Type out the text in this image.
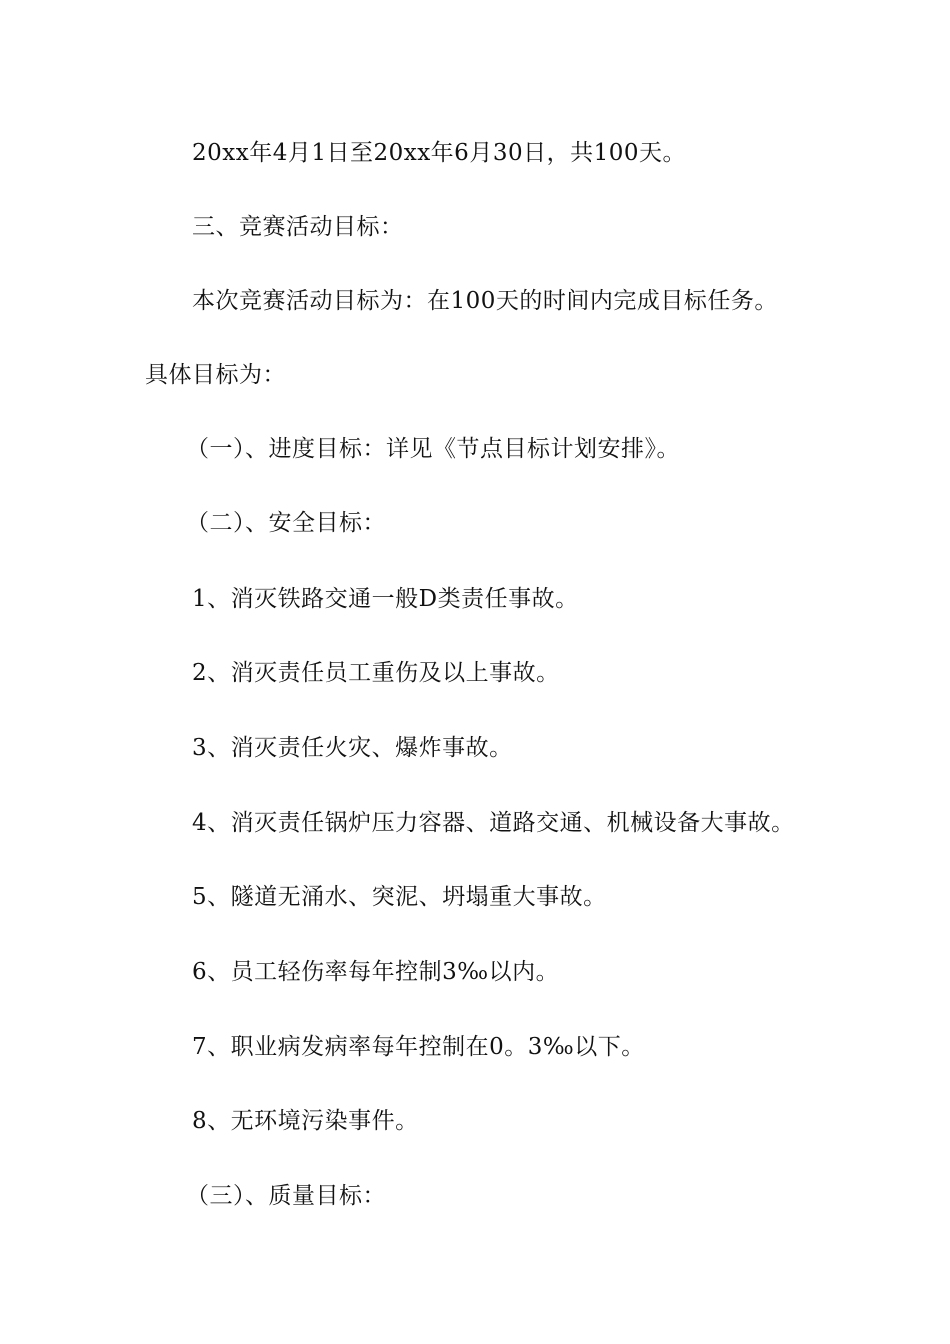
20xx年4月1日至20xx年6月30日，共100天。
三、竞赛活动目标：
本次竞赛活动目标为：在100天的时间内完成目标任务。
具体目标为：
（一）、进度目标：详见《节点目标计划安排》。
（二）、安全目标：
1、消灭铁路交通一般D类责任事故。
2、消灭责任员工重伤及以上事故。
3、消灭责任火灾、爆炸事故。
4、消灭责任锅炉压力容器、道路交通、机械设备大事故。
5、隧道无涌水、突泥、坍塌重大事故。
6、员工轻伤率每年控制3‰以内。
7、职业病发病率每年控制在0。3‰以下。
8、无环境污染事件。
（三）、质量目标：
